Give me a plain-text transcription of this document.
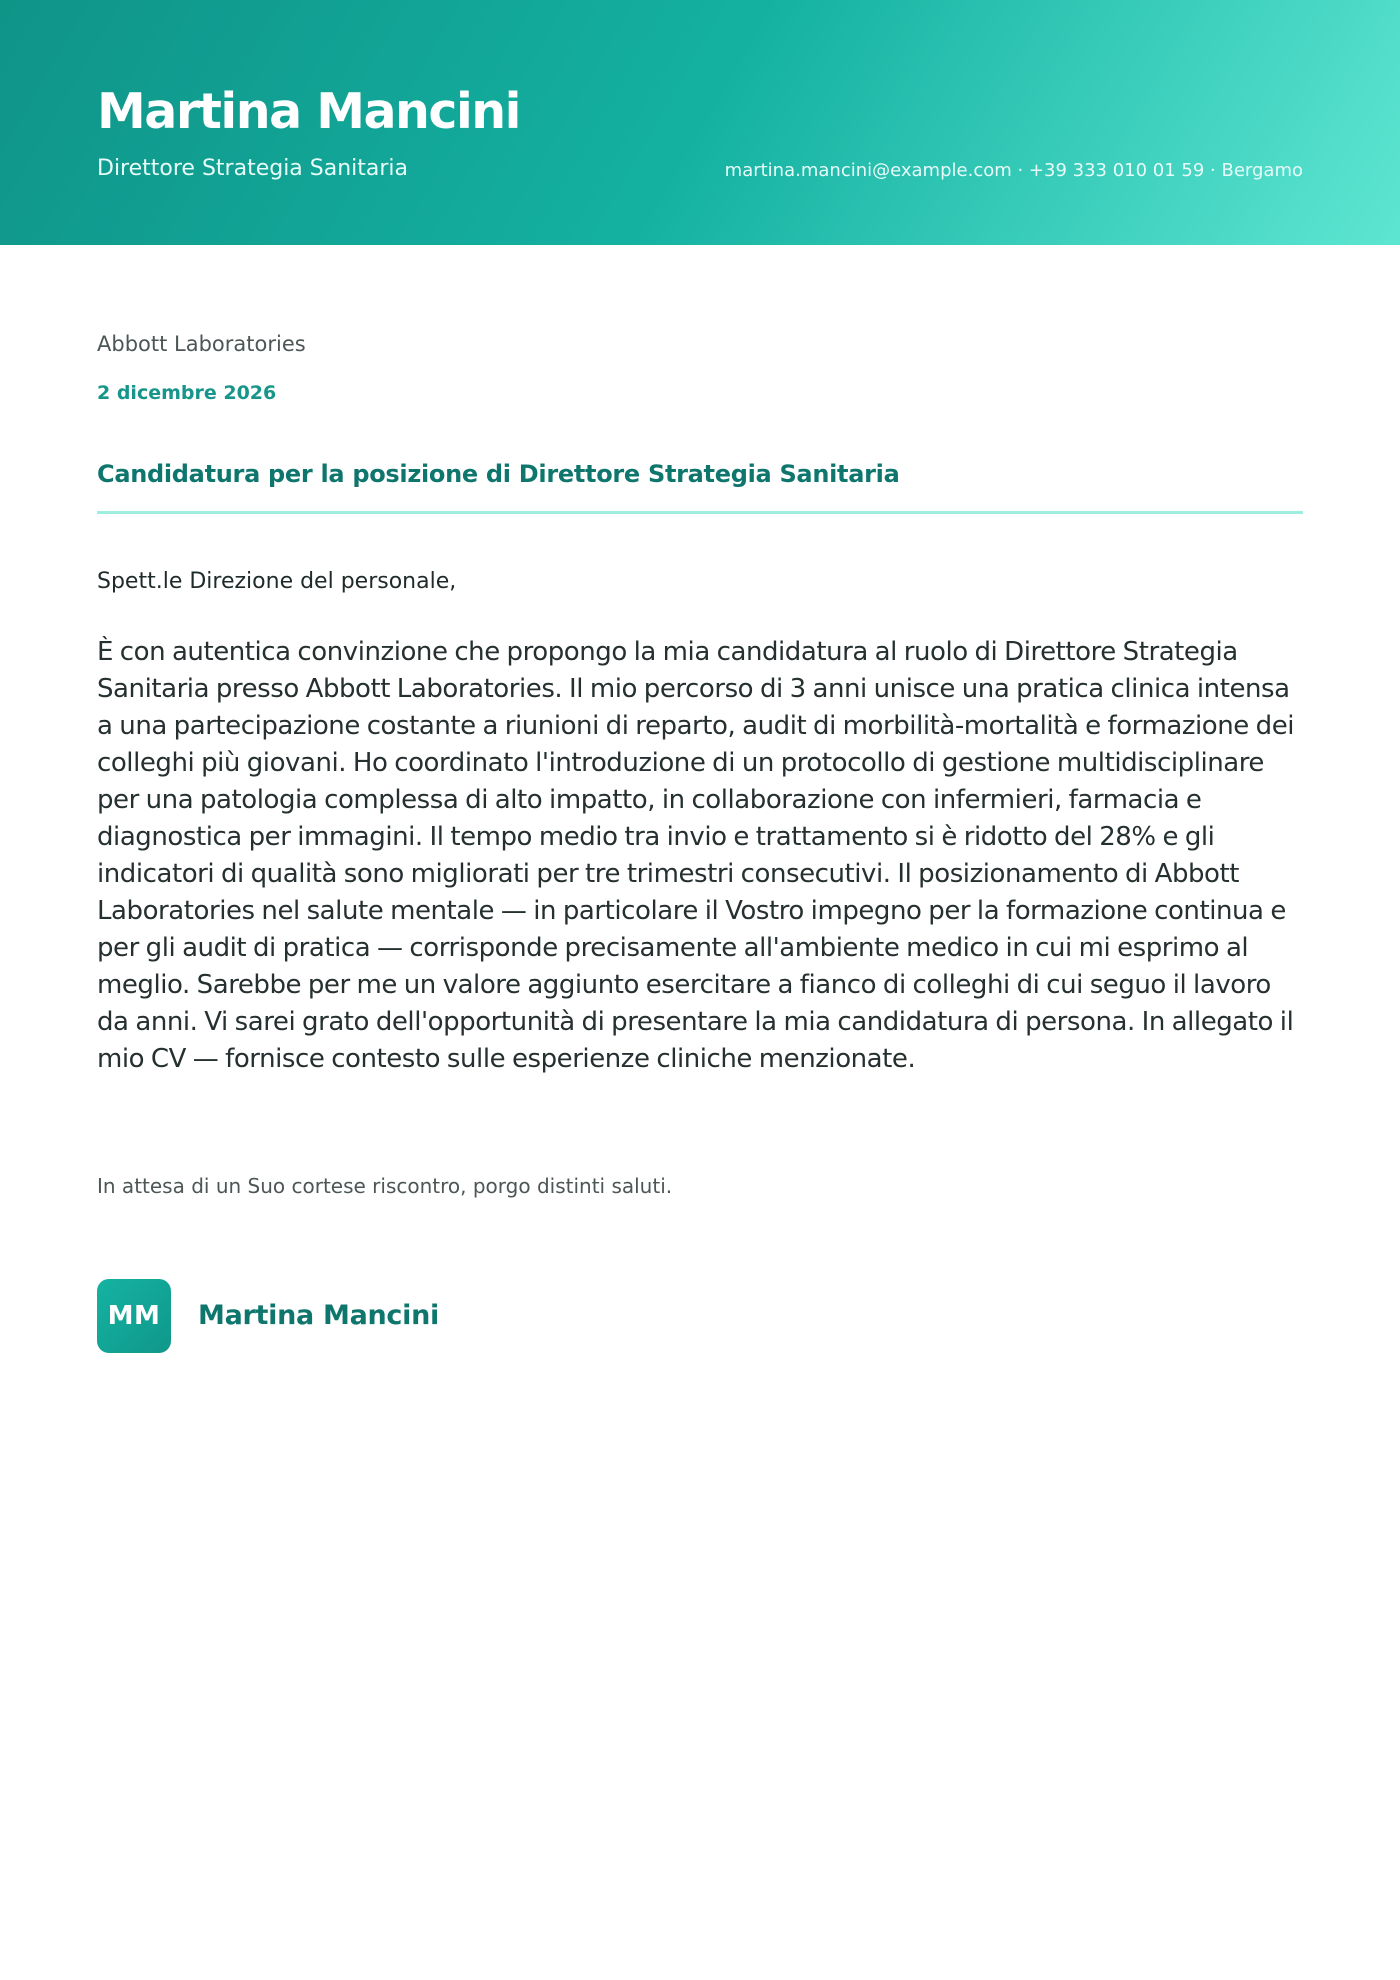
Martina Mancini
Direttore Strategia Sanitaria	martina.mancini@example.com · +39 333 010 01 59 · Bergamo
Abbott Laboratories
2 dicembre 2026
Candidatura per la posizione di Direttore Strategia Sanitaria
Spett.le Direzione del personale,

È con autentica convinzione che propongo la mia candidatura al ruolo di Direttore Strategia Sanitaria presso Abbott Laboratories. Il mio percorso di 3 anni unisce una pratica clinica intensa a una partecipazione costante a riunioni di reparto, audit di morbilità-mortalità e formazione dei colleghi più giovani. Ho coordinato l'introduzione di un protocollo di gestione multidisciplinare per una patologia complessa di alto impatto, in collaborazione con infermieri, farmacia e diagnostica per immagini. Il tempo medio tra invio e trattamento si è ridotto del 28% e gli indicatori di qualità sono migliorati per tre trimestri consecutivi. Il posizionamento di Abbott Laboratories nel salute mentale — in particolare il Vostro impegno per la formazione continua e per gli audit di pratica — corrisponde precisamente all'ambiente medico in cui mi esprimo al meglio. Sarebbe per me un valore aggiunto esercitare a fianco di colleghi di cui seguo il lavoro da anni. Vi sarei grato dell'opportunità di presentare la mia candidatura di persona. In allegato il mio CV — fornisce contesto sulle esperienze cliniche menzionate.

In attesa di un Suo cortese riscontro, porgo distinti saluti.
MM	Martina Mancini
